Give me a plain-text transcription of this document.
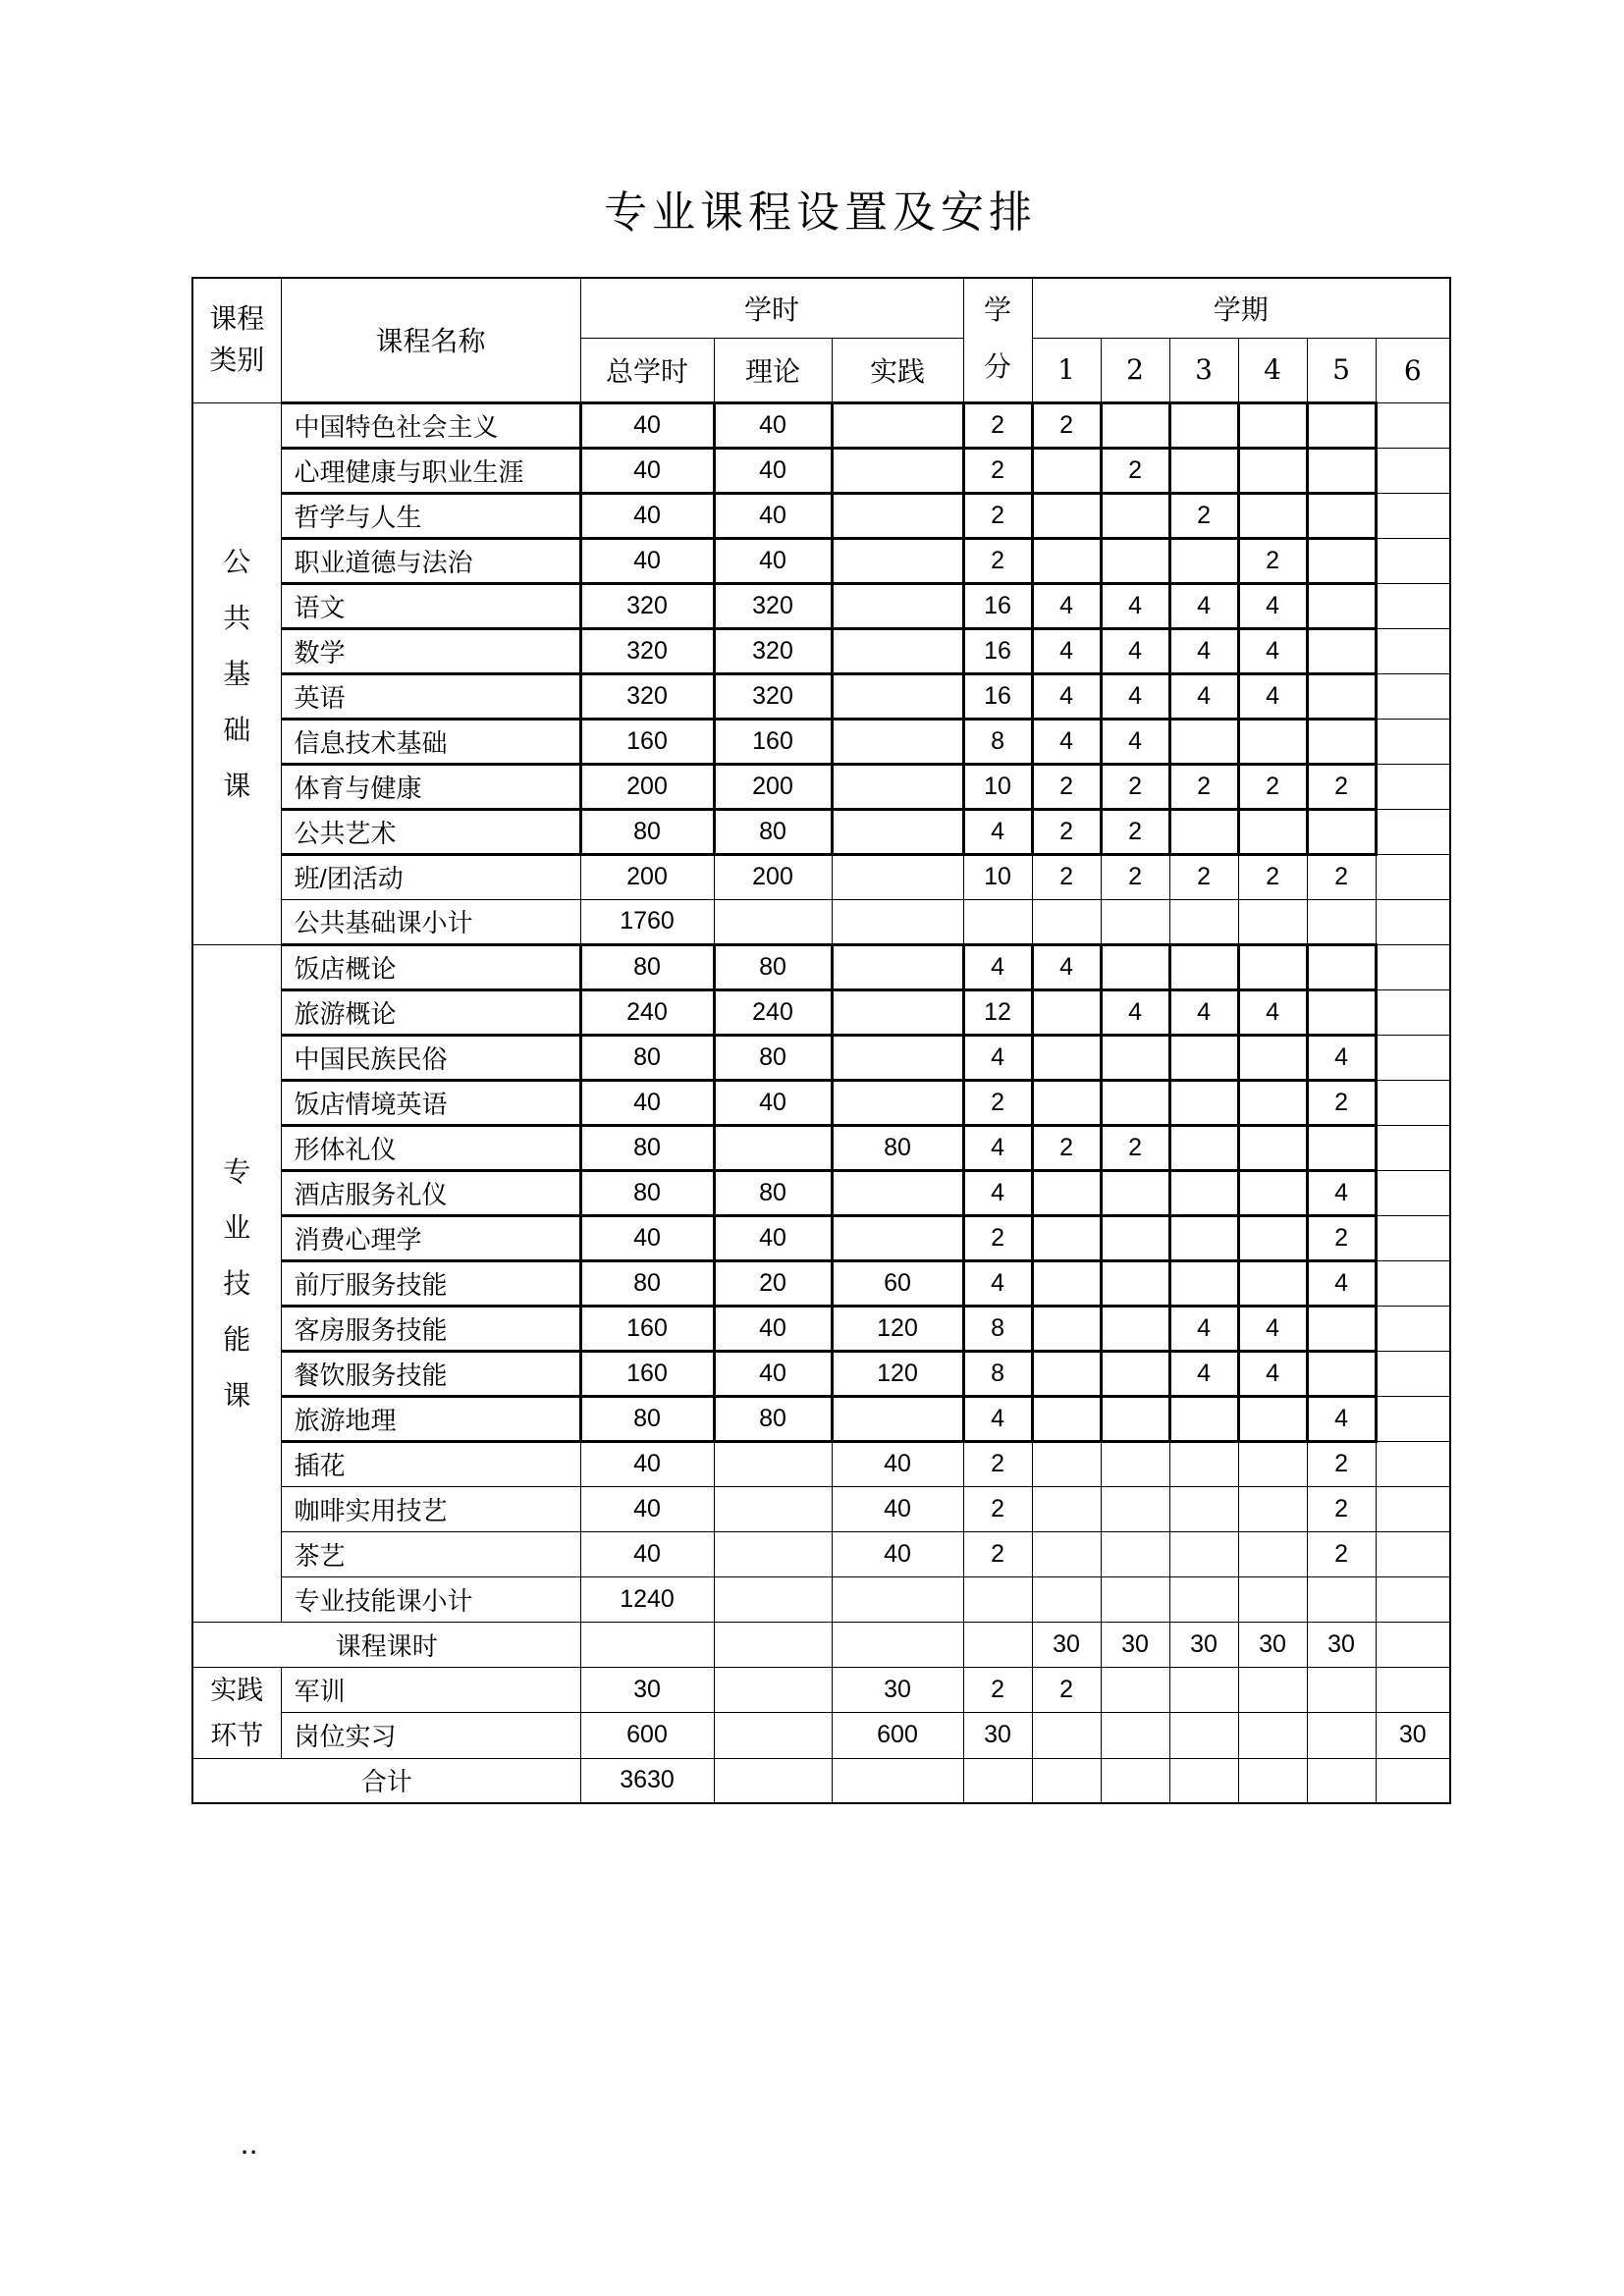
专业课程设置及安排
课程类别	课程名称	学时			学分	学期					
		总学时	理论	实践		1	2	3	4	5	6

公共基础课	中国特色社会主义	40	40		2	2					
	心理健康与职业生涯	40	40		2		2				
	哲学与人生	40	40		2			2			
	职业道德与法治	40	40		2				2		
	语文	320	320		16	4	4	4	4		
	数学	320	320		16	4	4	4	4		
	英语	320	320		16	4	4	4	4		
	信息技术基础	160	160		8	4	4				
	体育与健康	200	200		10	2	2	2	2	2	
	公共艺术	80	80		4	2	2				
	班/团活动	200	200		10	2	2	2	2	2	
	公共基础课小计	1760									

专业技能课	饭店概论	80	80		4	4					
	旅游概论	240	240		12		4	4	4		
	中国民族民俗	80	80		4					4	
	饭店情境英语	40	40		2					2	
	形体礼仪	80		80	4	2	2				
	酒店服务礼仪	80	80		4					4	
	消费心理学	40	40		2					2	
	前厅服务技能	80	20	60	4					4	
	客房服务技能	160	40	120	8			4	4		
	餐饮服务技能	160	40	120	8			4	4		
	旅游地理	80	80		4					4	
	插花	40		40	2					2	
	咖啡实用技艺	40		40	2					2	
	茶艺	40		40	2					2	
	专业技能课小计	1240									
课程课时						30	30	30	30	30	

实践环节	军训	30		30	2	2					
	岗位实习	600		600	30						30
合计		3630									
..
